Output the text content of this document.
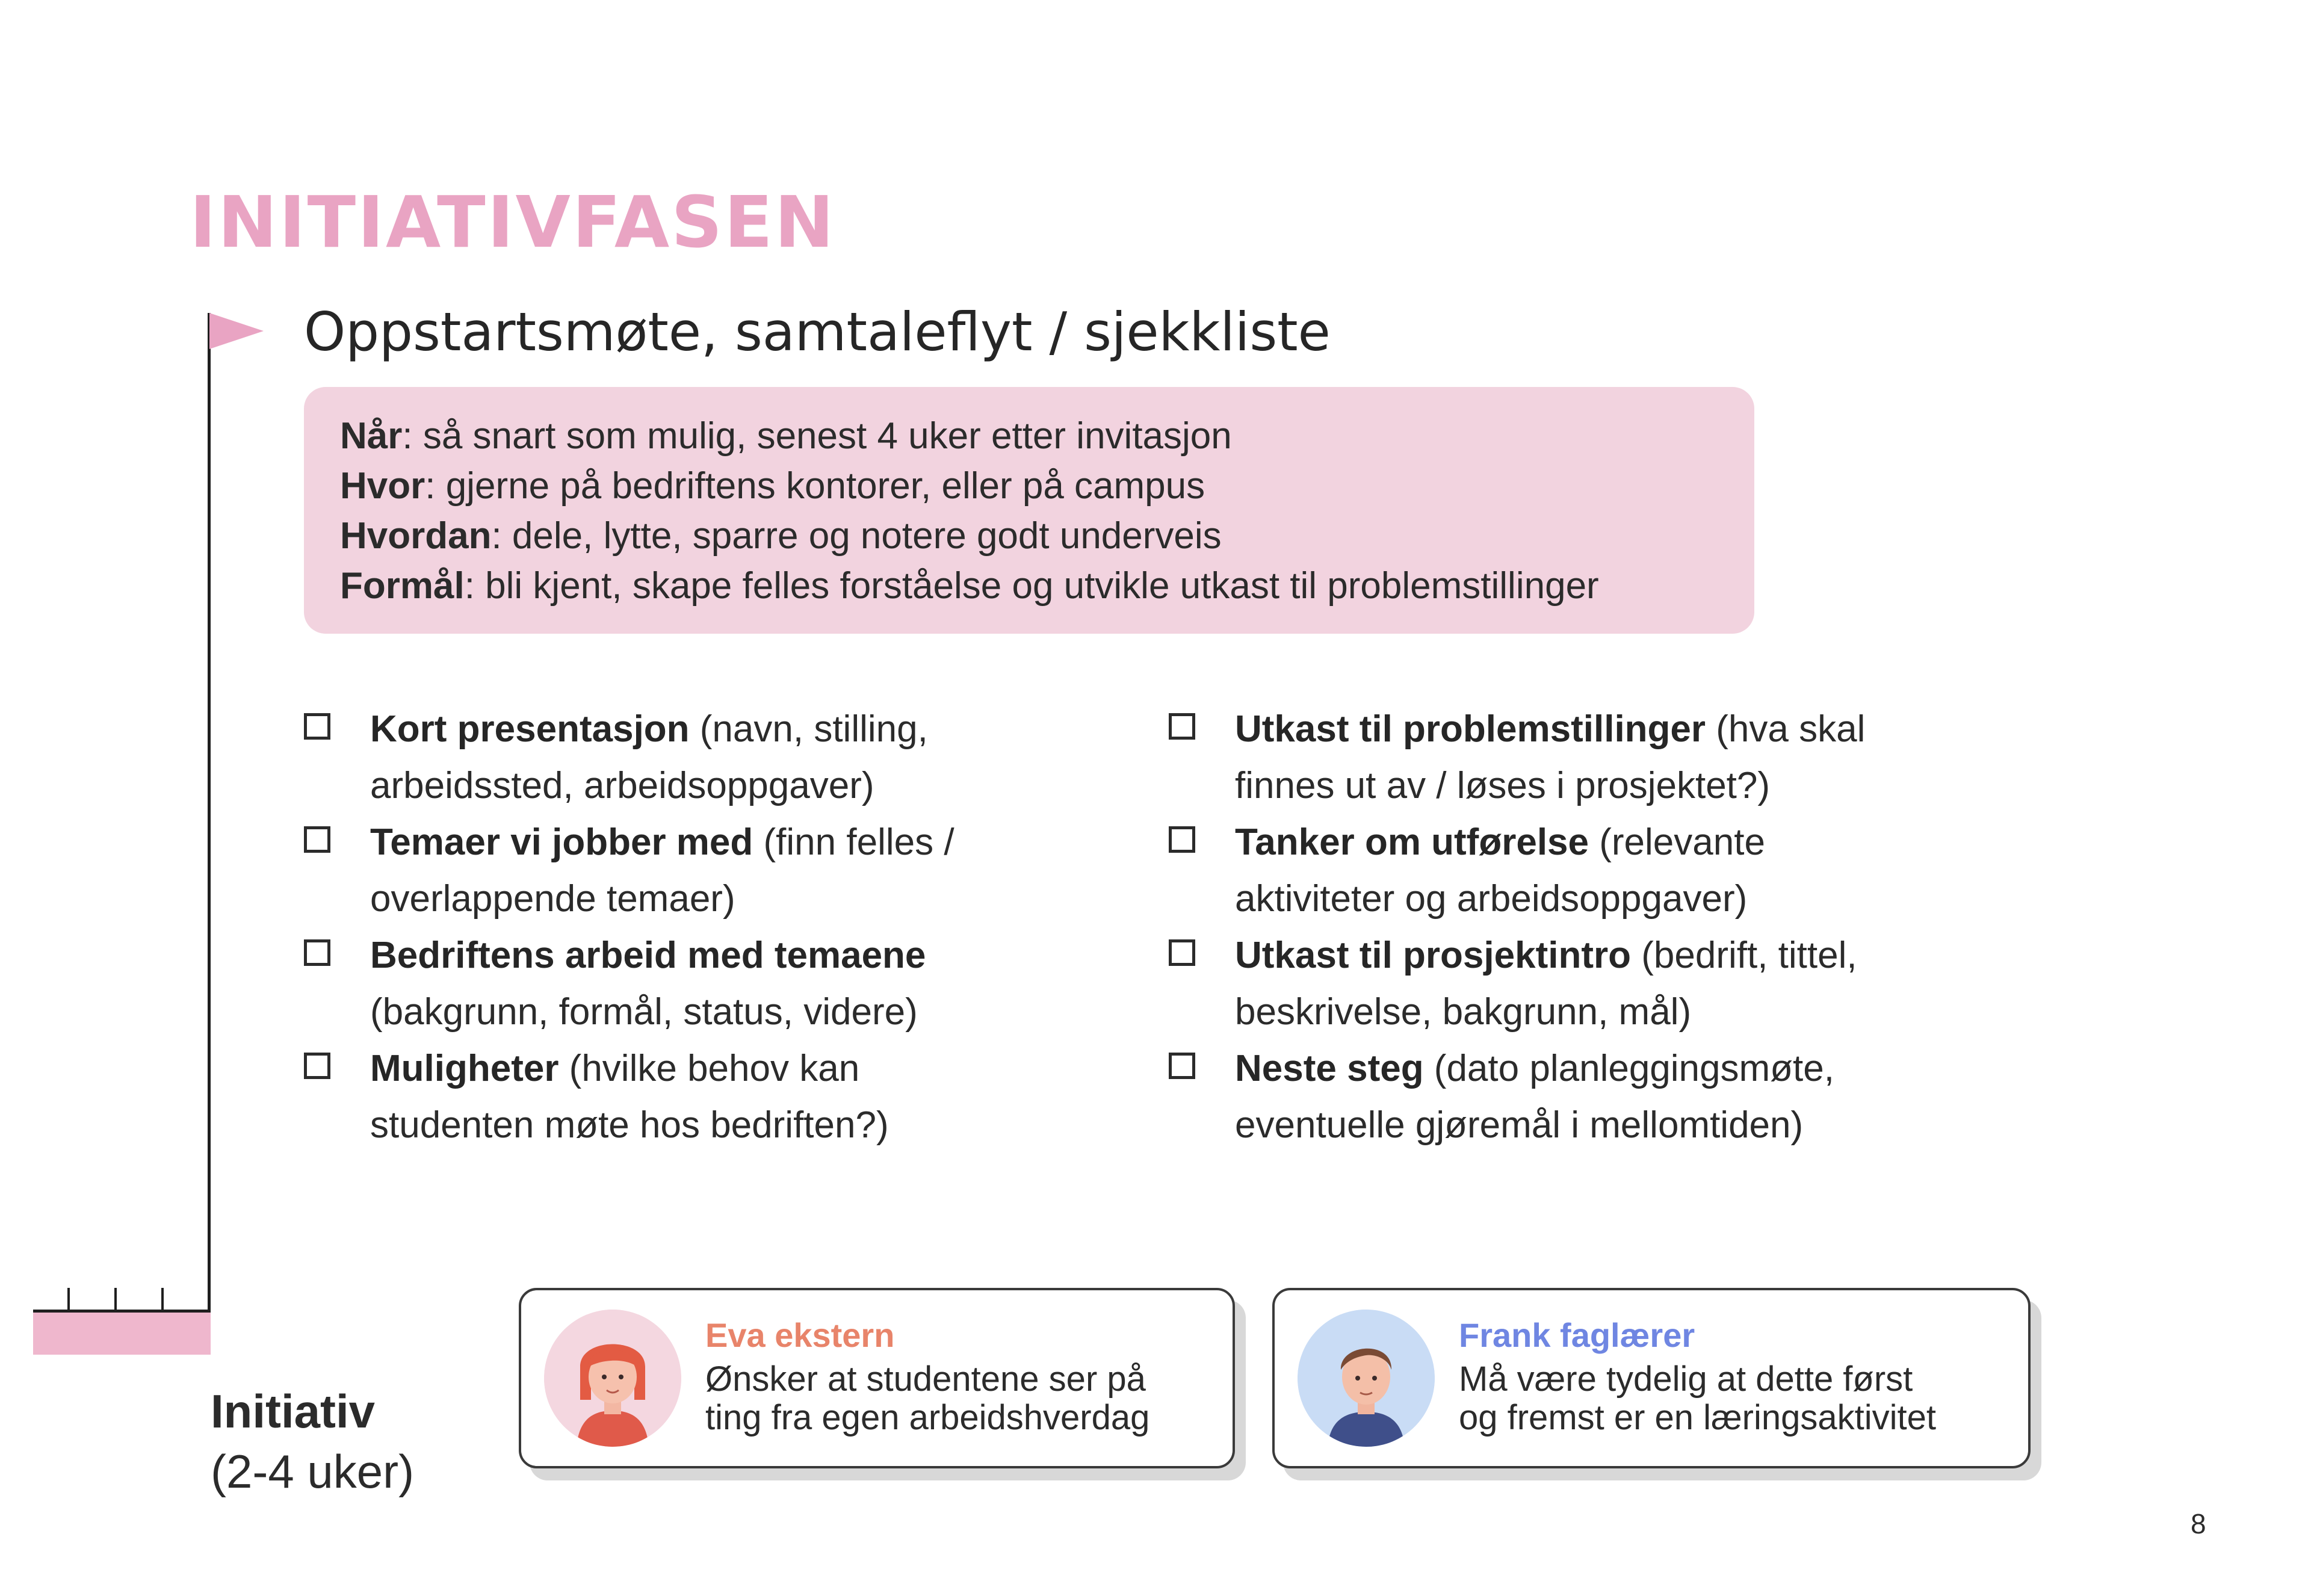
INITIATIVFASEN
Oppstartsmøte, samtaleflyt / sjekkliste
Når: så snart som mulig, senest 4 uker etter invitasjon
Hvor: gjerne på bedriftens kontorer, eller på campus
Hvordan: dele, lytte, sparre og notere godt underveis
Formål: bli kjent, skape felles forståelse og utvikle utkast til problemstillinger
Kort presentasjon (navn, stilling,
arbeidssted, arbeidsoppgaver)
Temaer vi jobber med (finn felles /
overlappende temaer)
Bedriftens arbeid med temaene
(bakgrunn, formål, status, videre)
Muligheter (hvilke behov kan
studenten møte hos bedriften?)
Utkast til problemstillinger (hva skal
finnes ut av / løses i prosjektet?)
Tanker om utførelse (relevante
aktiviteter og arbeidsoppgaver)
Utkast til prosjektintro (bedrift, tittel,
beskrivelse, bakgrunn, mål)
Neste steg (dato planleggingsmøte,
eventuelle gjøremål i mellomtiden)
Eva ekstern
Ønsker at studentene ser på
ting fra egen arbeidshverdag
Frank faglærer
Må være tydelig at dette først
og fremst er en læringsaktivitet
Initiativ
(2-4 uker)
8
